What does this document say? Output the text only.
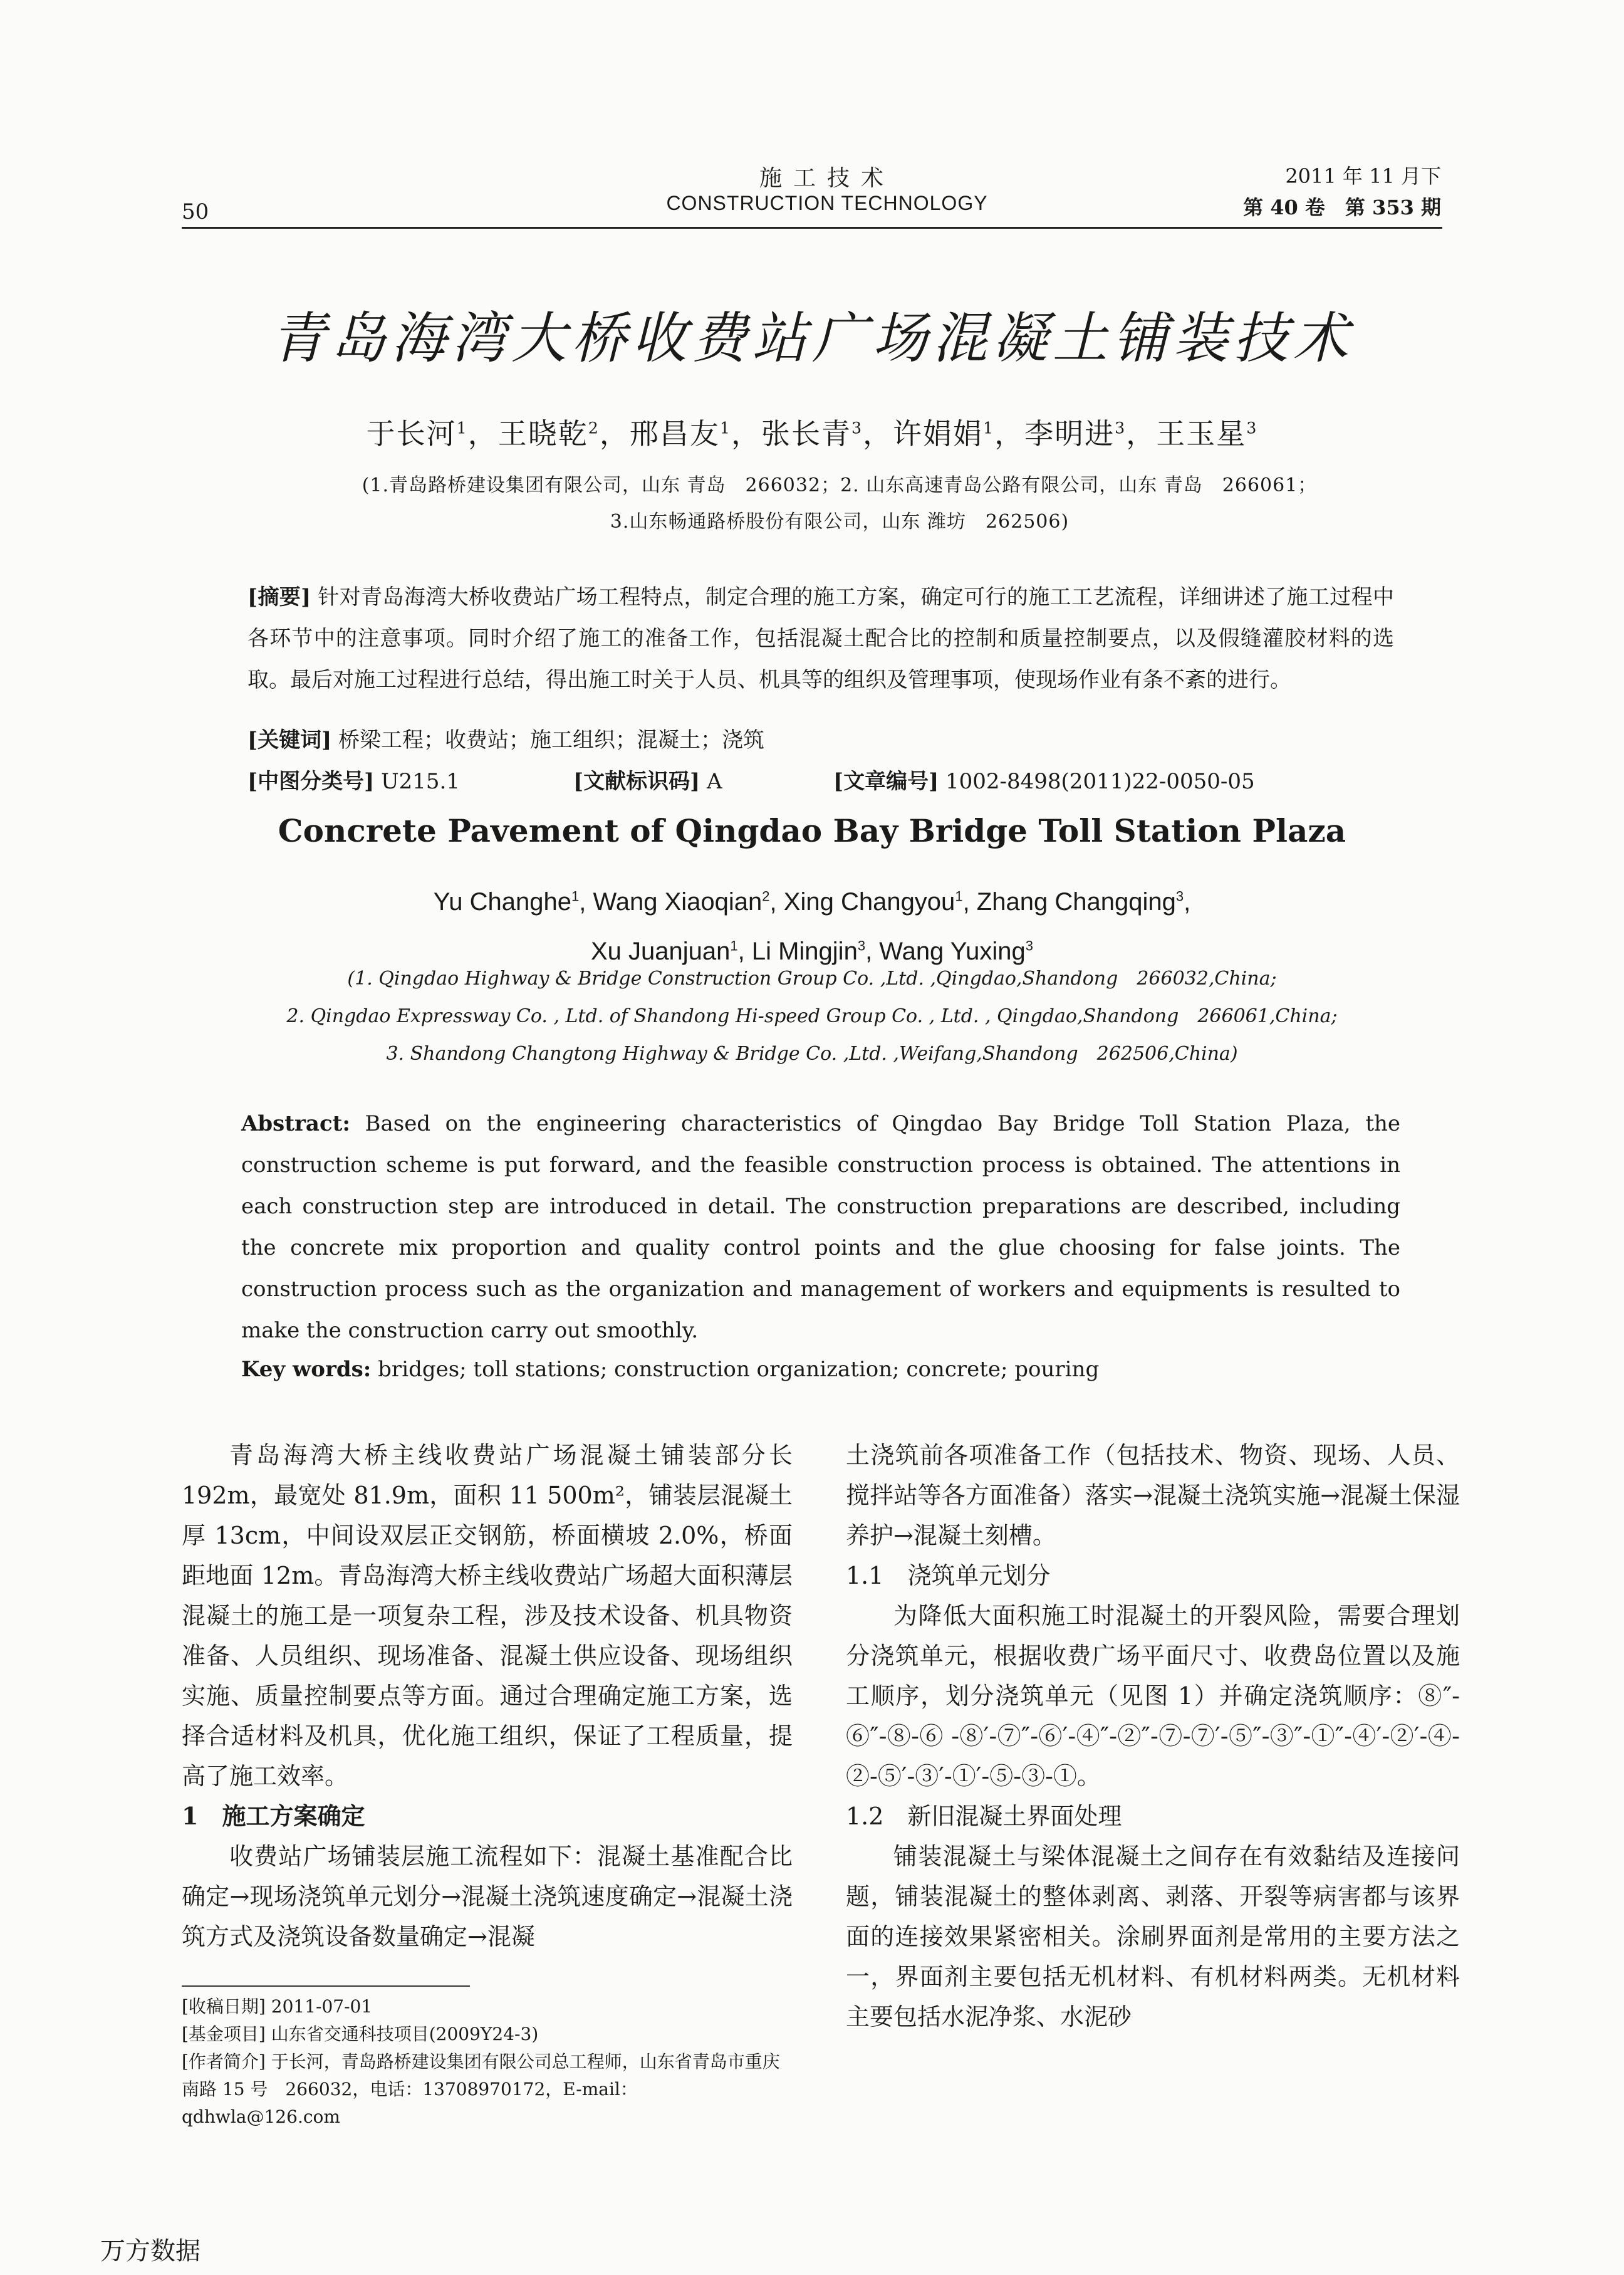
50
施工技术
CONSTRUCTION TECHNOLOGY
2011 年 11 月下
第 40 卷　第 353 期
青岛海湾大桥收费站广场混凝土铺装技术
于长河$^1$，王晓乾$^2$，邢昌友$^1$，张长青$^3$，许娟娟$^1$，李明进$^3$，王玉星$^3$
(1.青岛路桥建设集团有限公司，山东 青岛　266032；2. 山东高速青岛公路有限公司，山东 青岛　266061；
3.山东畅通路桥股份有限公司，山东 潍坊　262506)
[摘要] 针对青岛海湾大桥收费站广场工程特点，制定合理的施工方案，确定可行的施工工艺流程，详细讲述了施工过程中各环节中的注意事项。同时介绍了施工的准备工作，包括混凝土配合比的控制和质量控制要点，以及假缝灌胶材料的选取。最后对施工过程进行总结，得出施工时关于人员、机具等的组织及管理事项，使现场作业有条不紊的进行。
[关键词] 桥梁工程；收费站；施工组织；混凝土；浇筑
[中图分类号] U215.1	[文献标识码] A	[文章编号] 1002-8498(2011)22-0050-05
Concrete Pavement of Qingdao Bay Bridge Toll Station Plaza
Yu Changhe$^1$, Wang Xiaoqian$^2$, Xing Changyou$^1$, Zhang Changqing$^3$,
Xu Juanjuan$^1$, Li Mingjin$^3$, Wang Yuxing$^3$
(1. Qingdao Highway & Bridge Construction Group Co. ,Ltd. ,Qingdao,Shandong　266032,China;
2. Qingdao Expressway Co. , Ltd. of Shandong Hi-speed Group Co. , Ltd. , Qingdao,Shandong　266061,China;
3. Shandong Changtong Highway & Bridge Co. ,Ltd. ,Weifang,Shandong　262506,China)
Abstract: Based on the engineering characteristics of Qingdao Bay Bridge Toll Station Plaza, the construction scheme is put forward, and the feasible construction process is obtained. The attentions in each construction step are introduced in detail. The construction preparations are described, including the concrete mix proportion and quality control points and the glue choosing for false joints. The construction process such as the organization and management of workers and equipments is resulted to make the construction carry out smoothly.
Key words: bridges; toll stations; construction organization; concrete; pouring

青岛海湾大桥主线收费站广场混凝土铺装部分长 192m，最宽处 81.9m，面积 11 500m²，铺装层混凝土厚 13cm，中间设双层正交钢筋，桥面横坡 2.0%，桥面距地面 12m。青岛海湾大桥主线收费站广场超大面积薄层混凝土的施工是一项复杂工程，涉及技术设备、机具物资准备、人员组织、现场准备、混凝土供应设备、现场组织实施、质量控制要点等方面。通过合理确定施工方案，选择合适材料及机具，优化施工组织，保证了工程质量，提高了施工效率。

1　施工方案确定

收费站广场铺装层施工流程如下：混凝土基准配合比确定→现场浇筑单元划分→混凝土浇筑速度确定→混凝土浇筑方式及浇筑设备数量确定→混凝

[收稿日期] 2011-07-01

[基金项目] 山东省交通科技项目(2009Y24-3)

[作者简介] 于长河，青岛路桥建设集团有限公司总工程师，山东省青岛市重庆南路 15 号　266032，电话：13708970172，E-mail：qdhwla@126.com

土浇筑前各项准备工作（包括技术、物资、现场、人员、搅拌站等各方面准备）落实→混凝土浇筑实施→混凝土保湿养护→混凝土刻槽。

1.1　浇筑单元划分

为降低大面积施工时混凝土的开裂风险，需要合理划分浇筑单元，根据收费广场平面尺寸、收费岛位置以及施工顺序，划分浇筑单元（见图 1）并确定浇筑顺序：⑧″-⑥″-⑧-⑥ -⑧′-⑦″-⑥′-④″-②″-⑦-⑦′-⑤″-③″-①″-④′-②′-④-②-⑤′-③′-①′-⑤-③-①。

1.2　新旧混凝土界面处理

铺装混凝土与梁体混凝土之间存在有效黏结及连接问题，铺装混凝土的整体剥离、剥落、开裂等病害都与该界面的连接效果紧密相关。涂刷界面剂是常用的主要方法之一，界面剂主要包括无机材料、有机材料两类。无机材料主要包括水泥净浆、水泥砂

万方数据
